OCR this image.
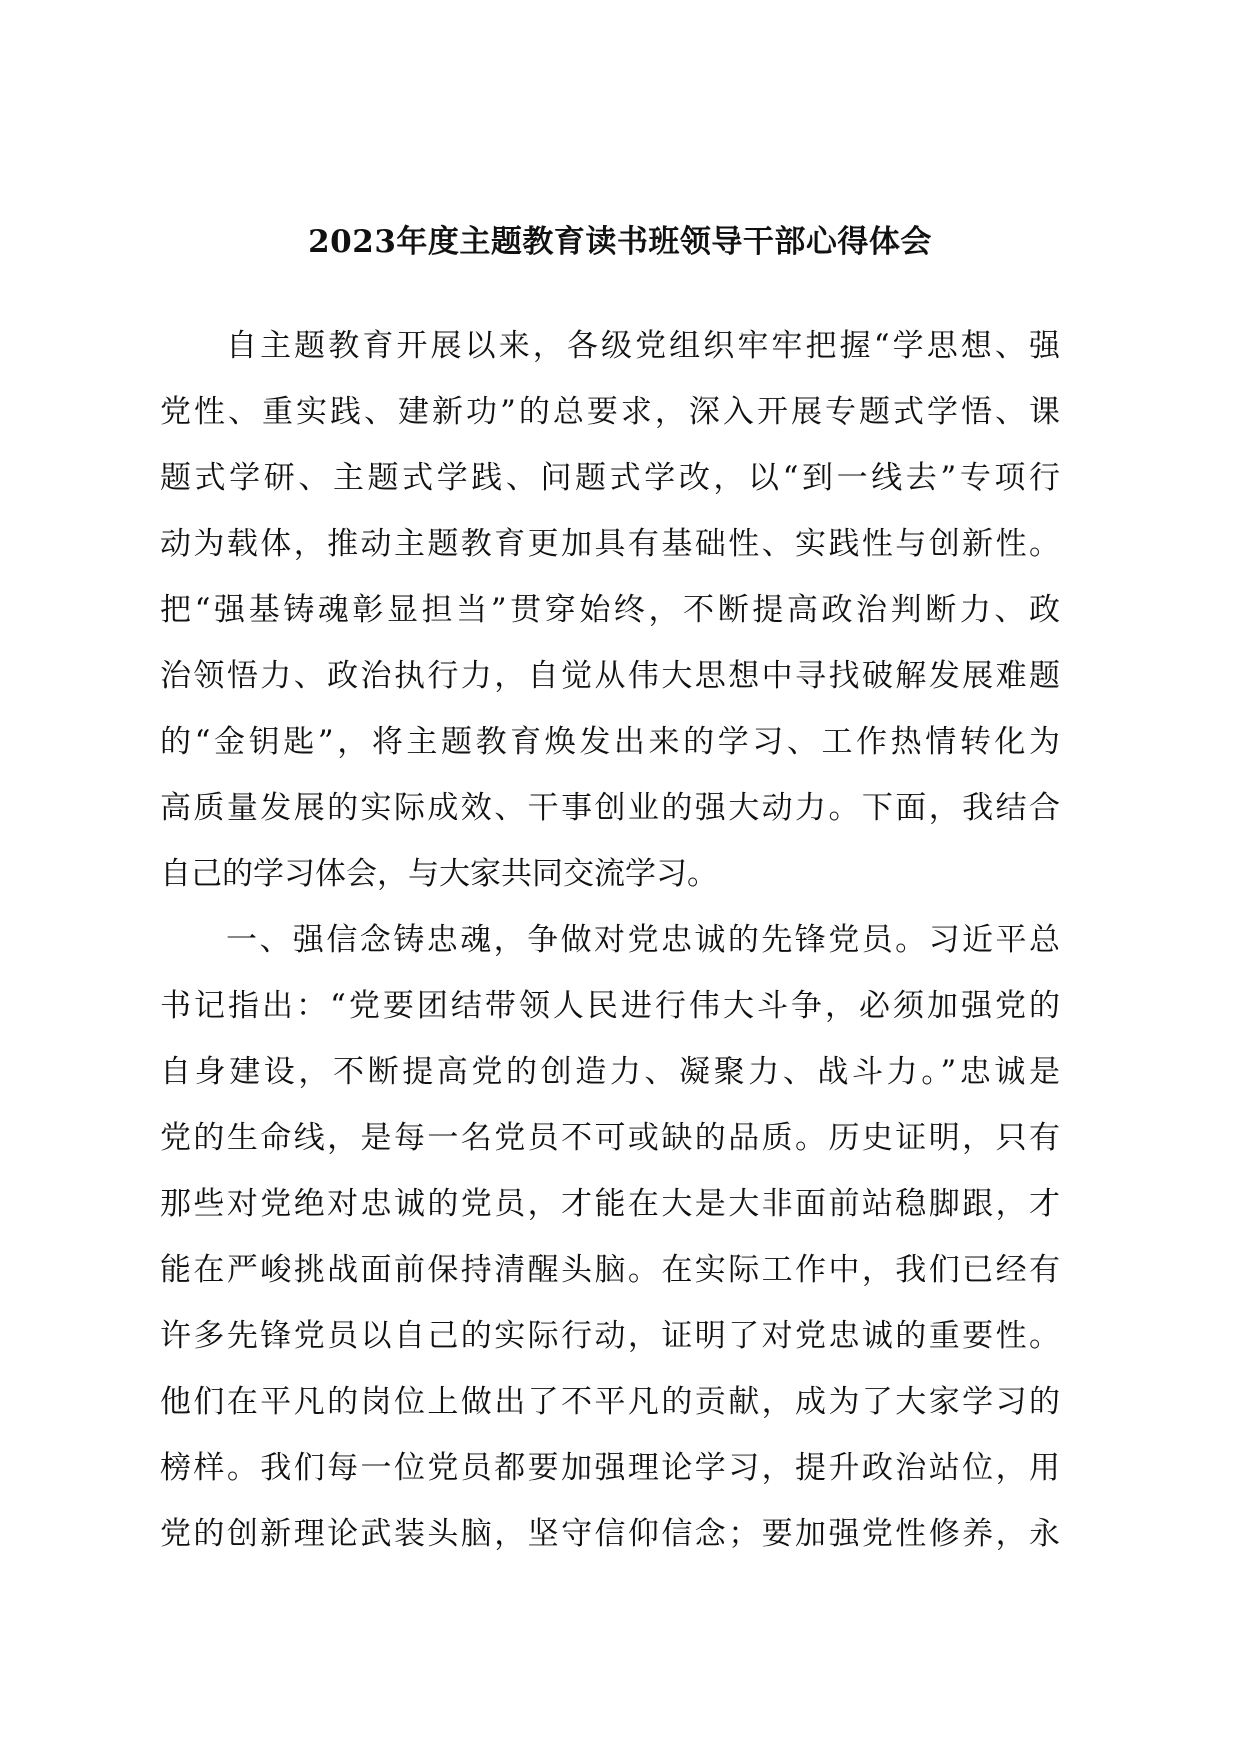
2023年度主题教育读书班领导干部心得体会
自主题教育开展以来，各级党组织牢牢把握“学思想、强
党性、重实践、建新功”的总要求，深入开展专题式学悟、课
题式学研、主题式学践、问题式学改，以“到一线去”专项行
动为载体，推动主题教育更加具有基础性、实践性与创新性。
把“强基铸魂彰显担当”贯穿始终，不断提高政治判断力、政
治领悟力、政治执行力，自觉从伟大思想中寻找破解发展难题
的“金钥匙”，将主题教育焕发出来的学习、工作热情转化为
高质量发展的实际成效、干事创业的强大动力。下面，我结合
自己的学习体会，与大家共同交流学习。
一、强信念铸忠魂，争做对党忠诚的先锋党员。习近平总
书记指出：“党要团结带领人民进行伟大斗争，必须加强党的
自身建设，不断提高党的创造力、凝聚力、战斗力。”忠诚是
党的生命线，是每一名党员不可或缺的品质。历史证明，只有
那些对党绝对忠诚的党员，才能在大是大非面前站稳脚跟，才
能在严峻挑战面前保持清醒头脑。在实际工作中，我们已经有
许多先锋党员以自己的实际行动，证明了对党忠诚的重要性。
他们在平凡的岗位上做出了不平凡的贡献，成为了大家学习的
榜样。我们每一位党员都要加强理论学习，提升政治站位，用
党的创新理论武装头脑，坚守信仰信念；要加强党性修养，永
